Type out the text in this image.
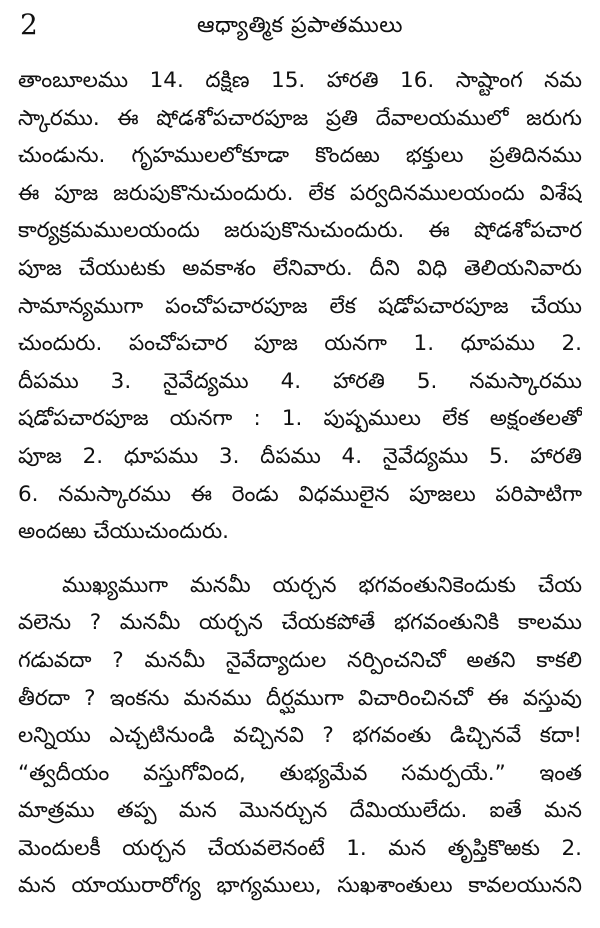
2	ఆధ్యాత్మిక ప్రపాతములు
తాంబూలము 14. దక్షిణ 15. హారతి 16. సాష్టాంగ నమ
స్కారము. ఈ షోడశోపచారపూజ ప్రతి దేవాలయములో జరుగు
చుండును. గృహములలోకూడా కొందఱు భక్తులు ప్రతిదినము
ఈ పూజ జరుపుకొనుచుందురు. లేక పర్వదినములయందు విశేష
కార్యక్రమములయందు జరుపుకొనుచుందురు. ఈ షోడశోపచార
పూజ చేయుటకు అవకాశం లేనివారు. దీని విధి తెలియనివారు
సామాన్యముగా పంచోపచారపూజ లేక షడోపచారపూజ చేయు
చుందురు. పంచోపచార పూజ యనగా 1. ధూపము 2.
దీపము 3. నైవేద్యము 4. హారతి 5. నమస్కారము
షడోపచారపూజ యనగా : 1. పుష్పములు లేక అక్షంతలతో
పూజ 2. ధూపము 3. దీపము 4. నైవేద్యము 5. హారతి
6. నమస్కారము ఈ రెండు విధములైన పూజలు పరిపాటిగా
అందఱు చేయుచుందురు.
ముఖ్యముగా మనమీ యర్చన భగవంతునికెందుకు చేయ
వలెను ? మనమీ యర్చన చేయకపోతే భగవంతునికి కాలము
గడువదా ? మనమీ నైవేద్యాదుల నర్పించనిచో అతని కాకలి
తీరదా ? ఇంకను మనము దీర్ఘముగా విచారించినచో ఈ వస్తువు
లన్నియు ఎచ్చటినుండి వచ్చినవి ? భగవంతు డిచ్చినవే కదా!
“త్వదీయం వస్తుగోవింద, తుభ్యమేవ సమర్పయే.” ఇంత
మాత్రము తప్ప మన మొనర్చున దేమియులేదు. ఐతే మన
మెందులకీ యర్చన చేయవలెనంటే 1. మన తృప్తికొఱకు 2.
మన యాయురారోగ్య భాగ్యములు, సుఖశాంతులు కావలయునని
